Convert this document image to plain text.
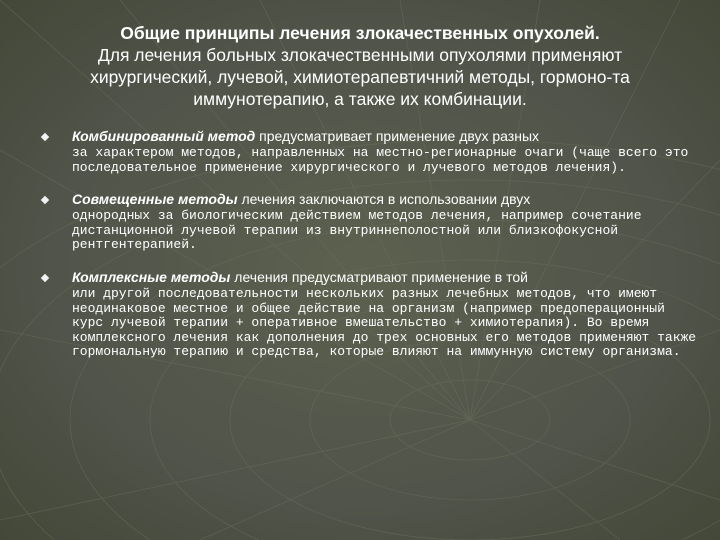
Общие принципы лечения злокачественных опухолей.
Для лечения больных злокачественными опухолями применяют хирургический, лучевой, химиотерапевтичний методы, гормоно-та иммунотерапию, а также их комбинации.
Комбинированный метод предусматривает применение двух разных
за характером методов, направленных на местно-регионарные очаги (чаще всего это последовательное применение хирургического и лучевого методов лечения).
Совмещенные методы лечения заключаются в использовании двух
однородных за биологическим действием методов лечения, например сочетание дистанционной лучевой терапии из внутриннеполостной или близкофокусной рентгентерапией.
Комплексные методы лечения предусматривают применение в той
или другой последовательности нескольких разных лечебных методов, что имеют неодинаковое местное и общее действие на организм (например предоперационный курс лучевой терапии + оперативное вмешательство + химиотерапия). Во время комплексного лечения как дополнения до трех основных его методов применяют также гормональную терапию и средства, которые влияют на иммунную систему организма.
